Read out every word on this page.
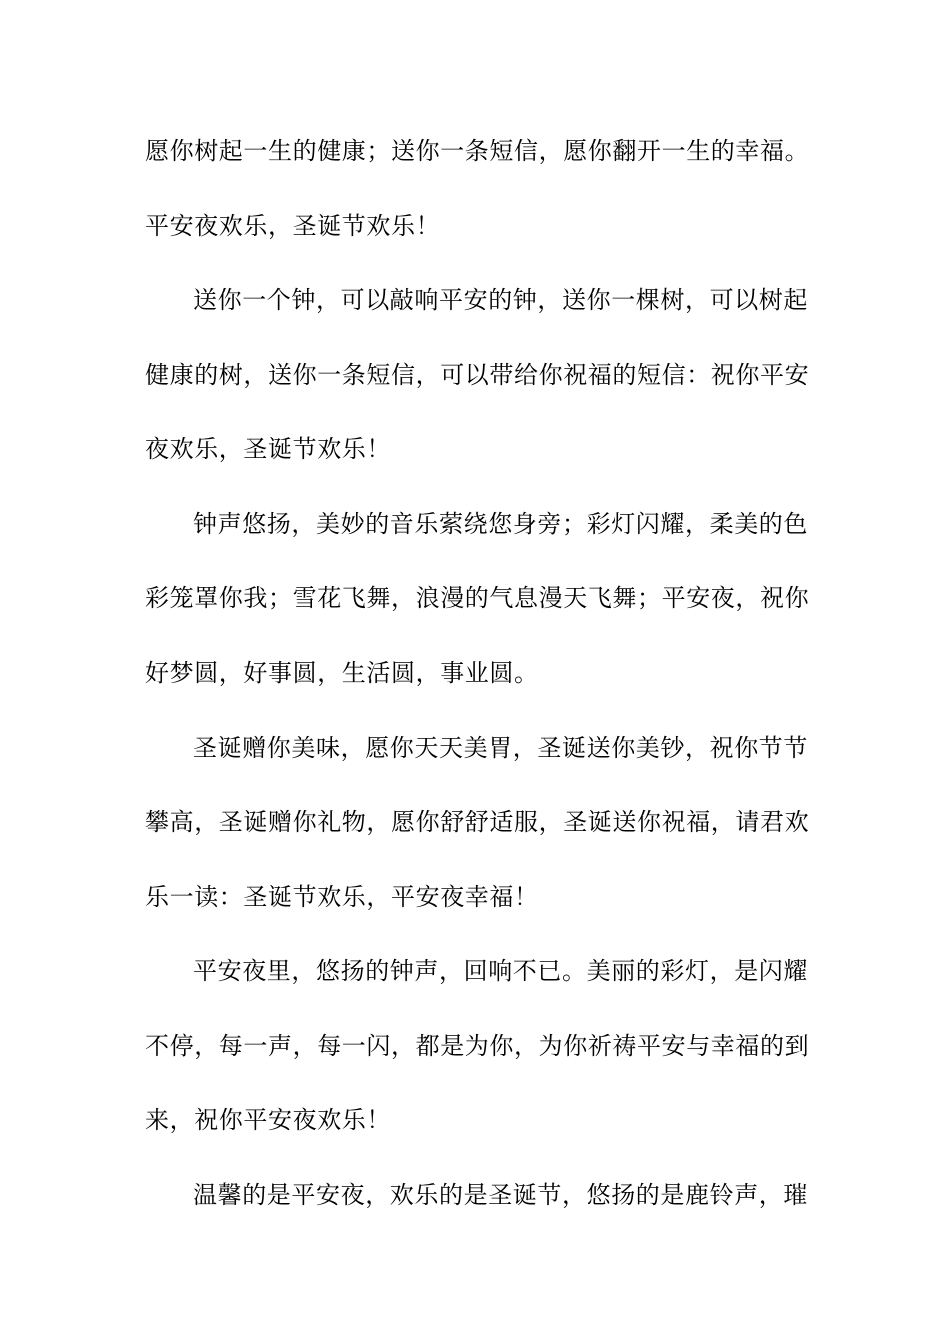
愿你树起一生的健康；送你一条短信，愿你翻开一生的幸福。
平安夜欢乐，圣诞节欢乐！
送你一个钟，可以敲响平安的钟，送你一棵树，可以树起
健康的树，送你一条短信，可以带给你祝福的短信：祝你平安
夜欢乐，圣诞节欢乐！
钟声悠扬，美妙的音乐萦绕您身旁；彩灯闪耀，柔美的色
彩笼罩你我；雪花飞舞，浪漫的气息漫天飞舞；平安夜，祝你
好梦圆，好事圆，生活圆，事业圆。
圣诞赠你美味，愿你天天美胃，圣诞送你美钞，祝你节节
攀高，圣诞赠你礼物，愿你舒舒适服，圣诞送你祝福，请君欢
乐一读：圣诞节欢乐，平安夜幸福！
平安夜里，悠扬的钟声，回响不已。美丽的彩灯，是闪耀
不停，每一声，每一闪，都是为你，为你祈祷平安与幸福的到
来，祝你平安夜欢乐！
温馨的是平安夜，欢乐的是圣诞节，悠扬的是鹿铃声，璀
